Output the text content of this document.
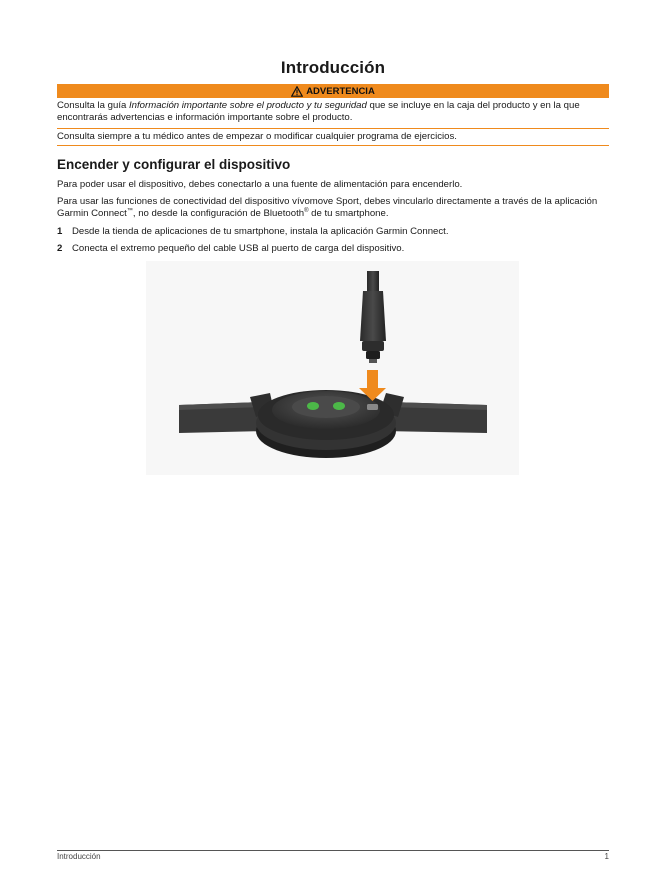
Introducción
ADVERTENCIA
Consulta la guía Información importante sobre el producto y tu seguridad que se incluye en la caja del producto y en la que encontrarás advertencias e información importante sobre el producto.
Consulta siempre a tu médico antes de empezar o modificar cualquier programa de ejercicios.
Encender y configurar el dispositivo
Para poder usar el dispositivo, debes conectarlo a una fuente de alimentación para encenderlo.
Para usar las funciones de conectividad del dispositivo vívomove Sport, debes vincularlo directamente a través de la aplicación Garmin Connect™, no desde la configuración de Bluetooth® de tu smartphone.
1	Desde la tienda de aplicaciones de tu smartphone, instala la aplicación Garmin Connect.
2	Conecta el extremo pequeño del cable USB al puerto de carga del dispositivo.
Introducción	1
